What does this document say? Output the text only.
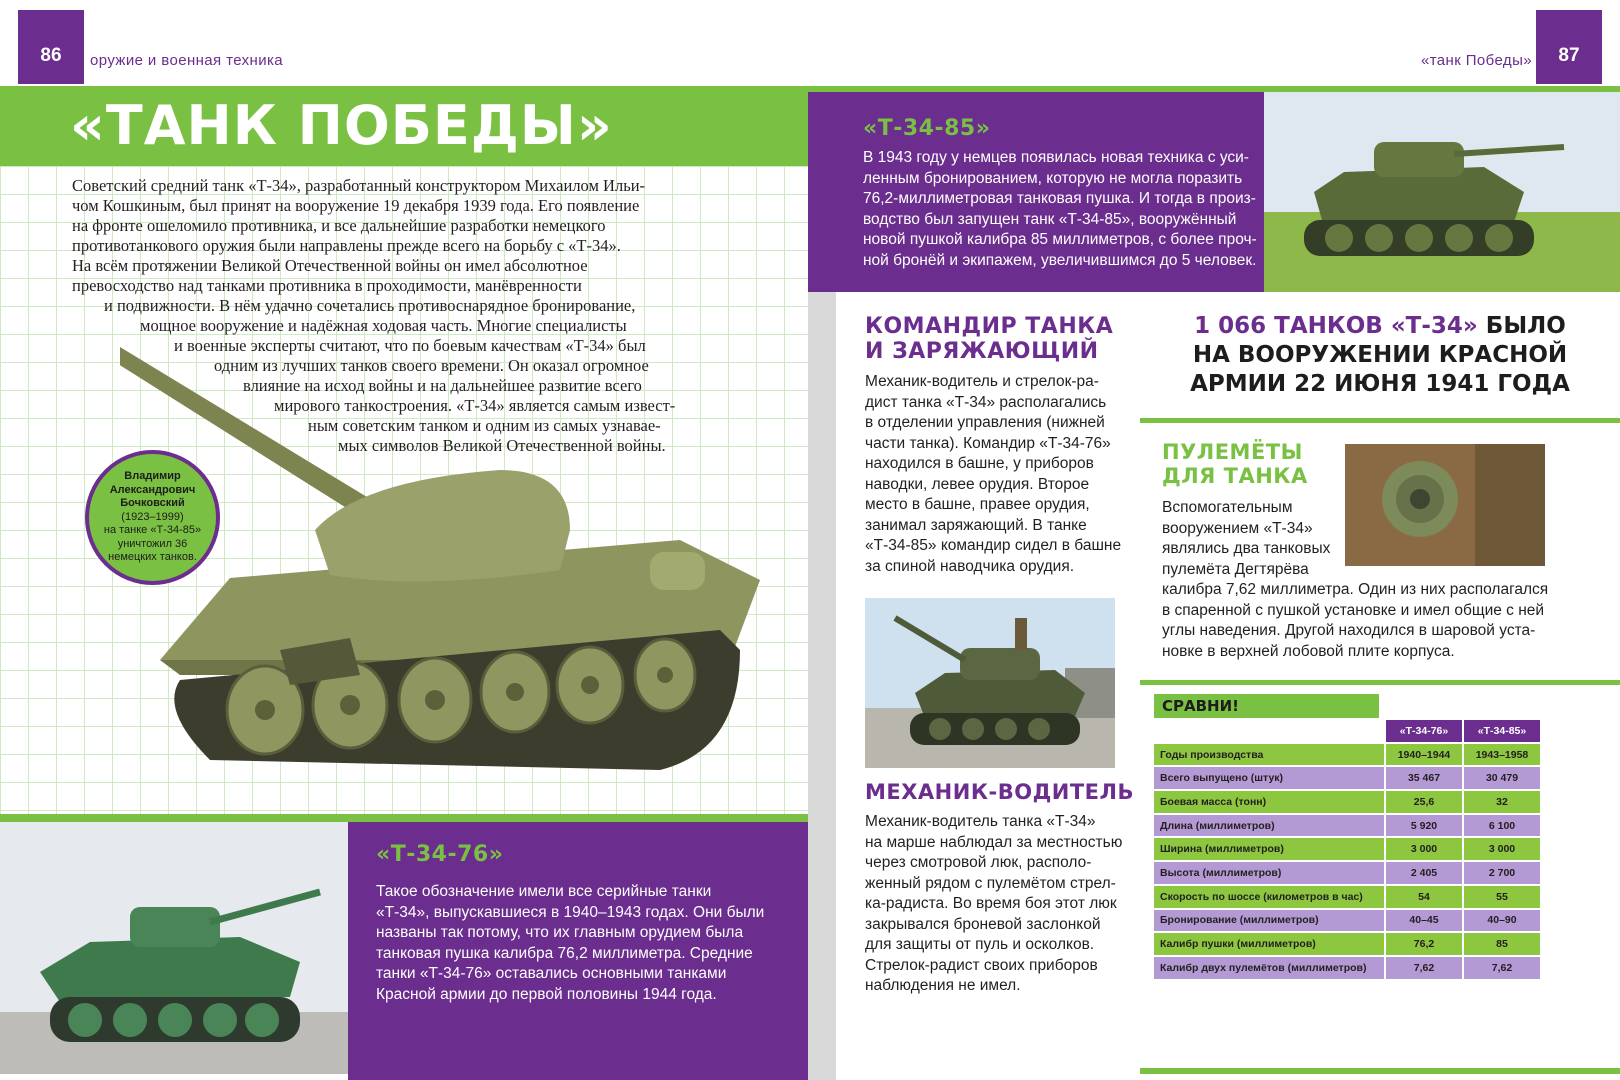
86 оружие и военная техника	«танк Победы» 87
«ТАНК ПОБЕДЫ»
Советский средний танк «Т-34», разработанный конструктором Михаилом Ильи-
чом Кошкиным, был принят на вооружение 19 декабря 1939 года. Его появление
на фронте ошеломило противника, и все дальнейшие разработки немецкого
противотанкового оружия были направлены прежде всего на борьбу с «Т-34».
На всём протяжении Великой Отечественной войны он имел абсолютное
превосходство над танками противника в проходимости, манёвренности
и подвижности. В нём удачно сочетались противоснарядное бронирование,
мощное вооружение и надёжная ходовая часть. Многие специалисты
и военные эксперты считают, что по боевым качествам «Т-34» был
одним из лучших танков своего времени. Он оказал огромное
влияние на исход войны и на дальнейшее развитие всего
мирового танкостроения. «Т-34» является самым извест-
ным советским танком и одним из самых узнавае-
мых символов Великой Отечественной войны.
Владимир Александрович Бочковский
(1923–1999)
на танке «Т-34-85» уничтожил 36 немецких танков.
«Т-34-76»
Такое обозначение имели все серийные танки
«Т-34», выпускавшиеся в 1940–1943 годах. Они были
названы так потому, что их главным орудием была
танковая пушка калибра 76,2 миллиметра. Средние
танки «Т-34-76» оставались основными танками
Красной армии до первой половины 1944 года.
«Т-34-85»
В 1943 году у немцев появилась новая техника с уси-
ленным бронированием, которую не могла поразить
76,2-миллиметровая танковая пушка. И тогда в произ-
водство был запущен танк «Т-34-85», вооружённый
новой пушкой калибра 85 миллиметров, с более проч-
ной бронёй и экипажем, увеличившимся до 5 человек.
КОМАНДИР ТАНКА
И ЗАРЯЖАЮЩИЙ
Механик-водитель и стрелок-ра-
дист танка «Т-34» располагались
в отделении управления (нижней
части танка). Командир «Т-34-76»
находился в башне, у приборов
наводки, левее орудия. Второе
место в башне, правее орудия,
занимал заряжающий. В танке
«Т-34-85» командир сидел в башне
за спиной наводчика орудия.
МЕХАНИК-ВОДИТЕЛЬ
Механик-водитель танка «Т-34»
на марше наблюдал за местностью
через смотровой люк, располо-
женный рядом с пулемётом стрел-
ка-радиста. Во время боя этот люк
закрывался броневой заслонкой
для защиты от пуль и осколков.
Стрелок-радист своих приборов
наблюдения не имел.
1 066 ТАНКОВ «Т-34» БЫЛО
НА ВООРУЖЕНИИ КРАСНОЙ
АРМИИ 22 ИЮНЯ 1941 ГОДА
ПУЛЕМЁТЫ
ДЛЯ ТАНКА
Вспомогательным
вооружением «Т-34»
являлись два танковых
пулемёта Дегтярёва
калибра 7,62 миллиметра. Один из них располагался
в спаренной с пушкой установке и имел общие с ней
углы наведения. Другой находился в шаровой уста-
новке в верхней лобовой плите корпуса.
СРАВНИ!
	«Т-34-76»	«Т-34-85»
Годы производства	1940–1944	1943–1958
Всего выпущено (штук)	35 467	30 479
Боевая масса (тонн)	25,6	32
Длина (миллиметров)	5 920	6 100
Ширина (миллиметров)	3 000	3 000
Высота (миллиметров)	2 405	2 700
Скорость по шоссе (километров в час)	54	55
Бронирование (миллиметров)	40–45	40–90
Калибр пушки (миллиметров)	76,2	85
Калибр двух пулемётов (миллиметров)	7,62	7,62
